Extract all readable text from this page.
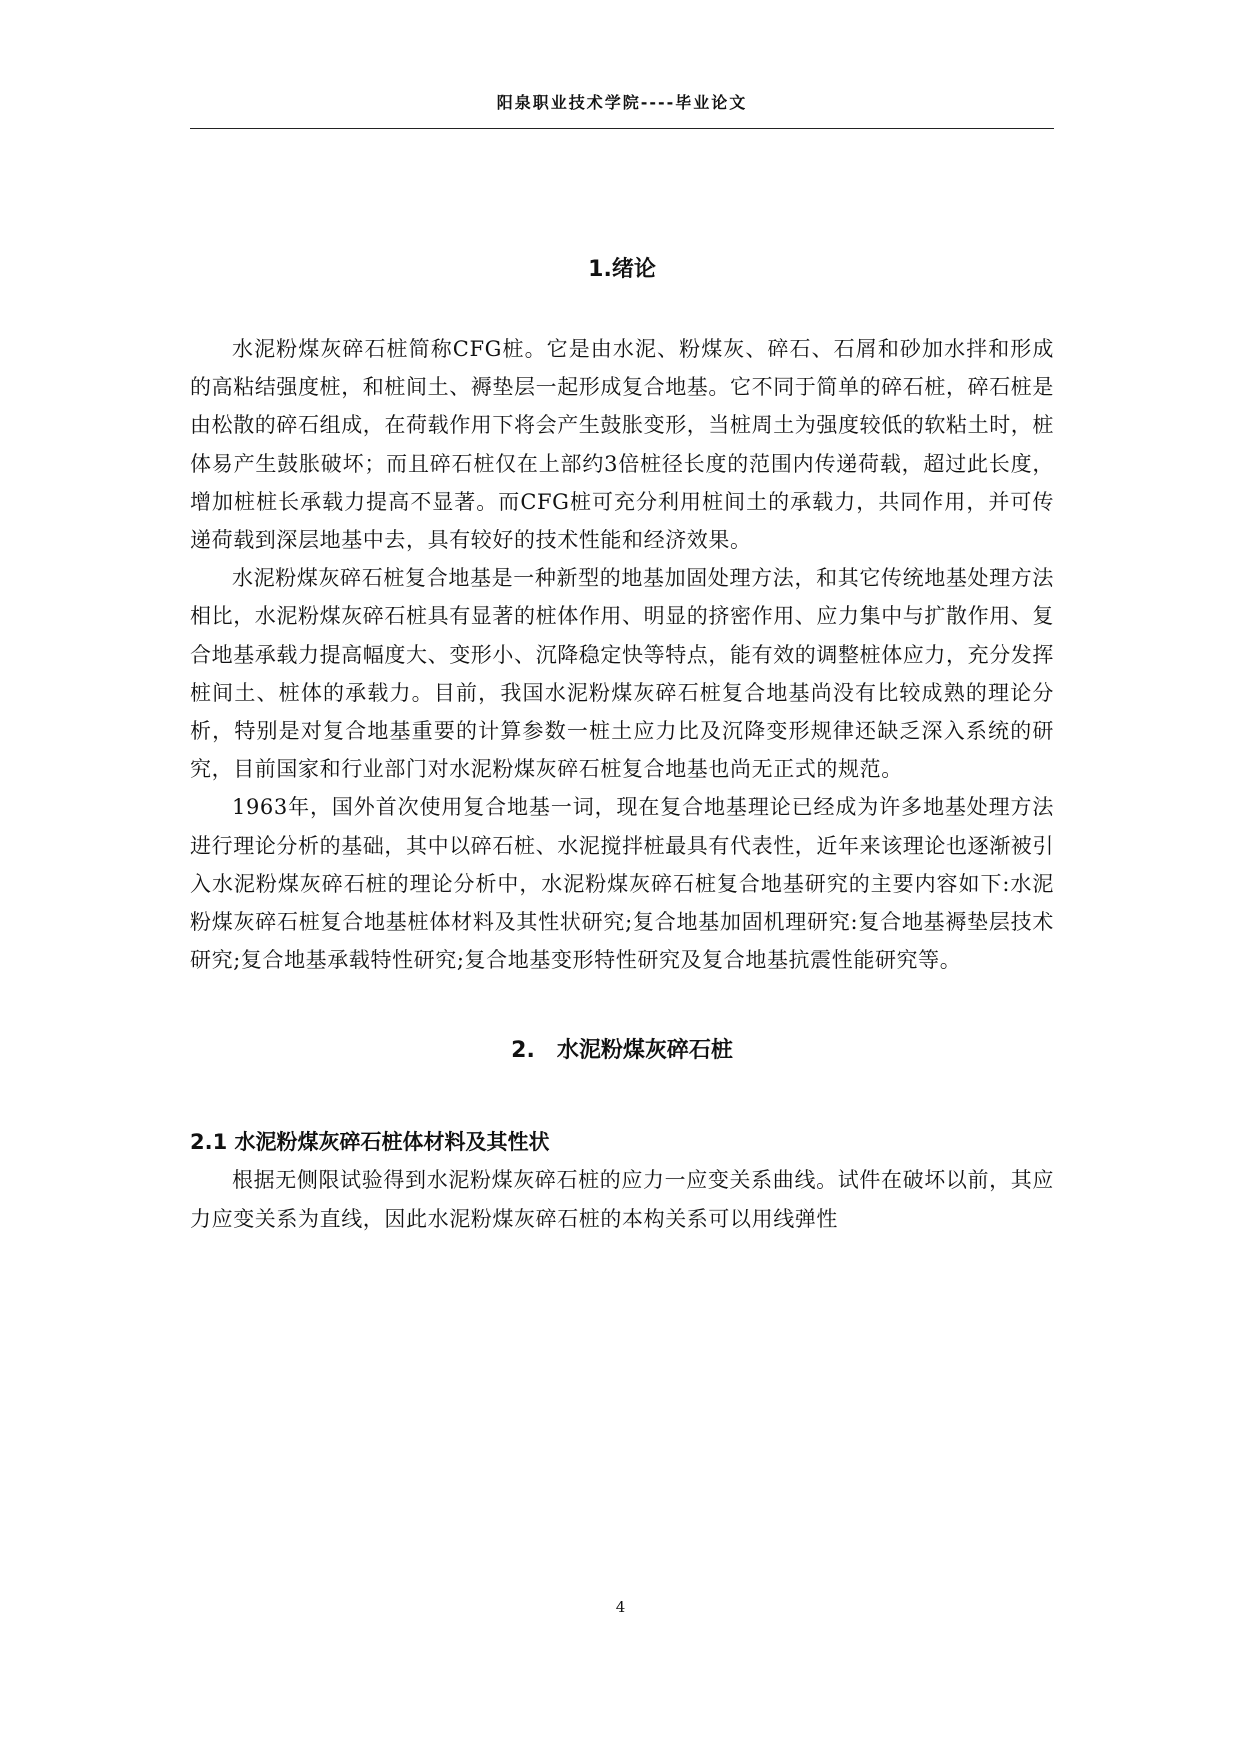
阳泉职业技术学院----毕业论文
1.绪论

水泥粉煤灰碎石桩简称CFG桩。它是由水泥、粉煤灰、碎石、石屑和砂加水拌和形成的高粘结强度桩，和桩间土、褥垫层一起形成复合地基。它不同于简单的碎石桩，碎石桩是由松散的碎石组成，在荷载作用下将会产生鼓胀变形，当桩周土为强度较低的软粘土时，桩体易产生鼓胀破坏；而且碎石桩仅在上部约3倍桩径长度的范围内传递荷载，超过此长度，增加桩桩长承载力提高不显著。而CFG桩可充分利用桩间土的承载力，共同作用，并可传递荷载到深层地基中去，具有较好的技术性能和经济效果。

水泥粉煤灰碎石桩复合地基是一种新型的地基加固处理方法，和其它传统地基处理方法相比，水泥粉煤灰碎石桩具有显著的桩体作用、明显的挤密作用、应力集中与扩散作用、复合地基承载力提高幅度大、变形小、沉降稳定快等特点，能有效的调整桩体应力，充分发挥桩间土、桩体的承载力。目前，我国水泥粉煤灰碎石桩复合地基尚没有比较成熟的理论分析，特别是对复合地基重要的计算参数一桩土应力比及沉降变形规律还缺乏深入系统的研究，目前国家和行业部门对水泥粉煤灰碎石桩复合地基也尚无正式的规范。

1963年，国外首次使用复合地基一词，现在复合地基理论已经成为许多地基处理方法进行理论分析的基础，其中以碎石桩、水泥搅拌桩最具有代表性，近年来该理论也逐渐被引入水泥粉煤灰碎石桩的理论分析中，水泥粉煤灰碎石桩复合地基研究的主要内容如下:水泥粉煤灰碎石桩复合地基桩体材料及其性状研究;复合地基加固机理研究:复合地基褥垫层技术研究;复合地基承载特性研究;复合地基变形特性研究及复合地基抗震性能研究等。

2.　水泥粉煤灰碎石桩
2.1 水泥粉煤灰碎石桩体材料及其性状

根据无侧限试验得到水泥粉煤灰碎石桩的应力一应变关系曲线。试件在破坏以前，其应力应变关系为直线，因此水泥粉煤灰碎石桩的本构关系可以用线弹性

4
